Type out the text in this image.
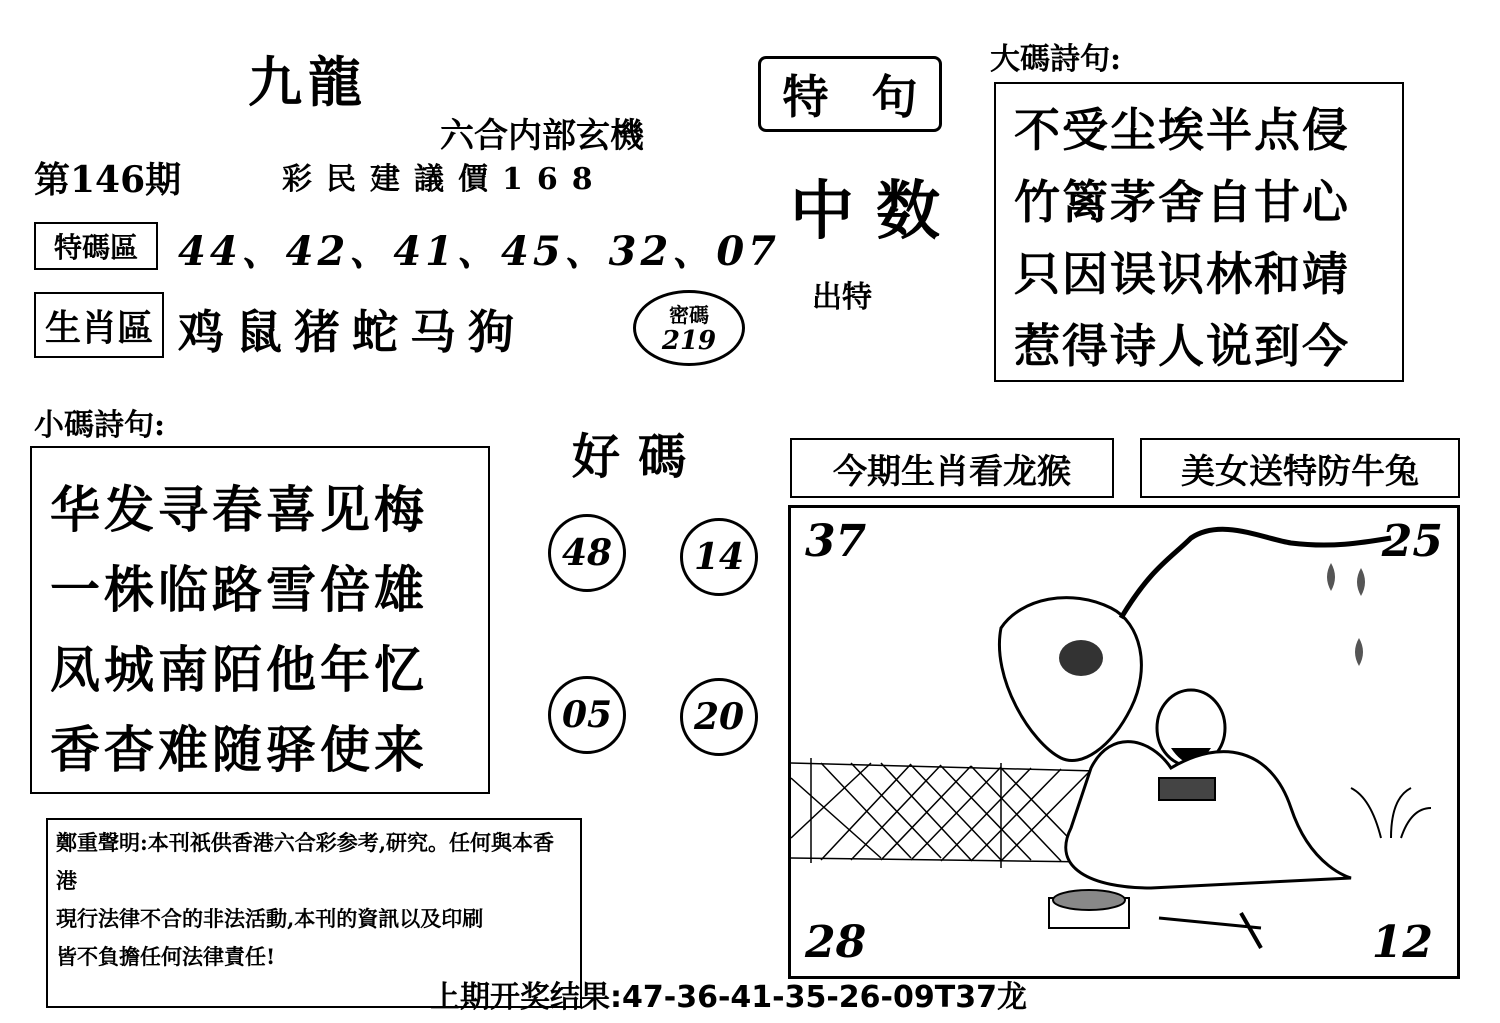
九龍
六合内部玄機
第146期	彩民建議價168
特碼區	44、42、41、45、32、07
生肖區 鸡鼠猪蛇马狗	密碼
219
特 句
中数
出特
大碼詩句:
不受尘埃半点侵
竹篱茅舍自甘心
只因误识林和靖
惹得诗人说到今
小碼詩句:
华发寻春喜见梅
一株临路雪倍雄
凤城南陌他年忆
香杳难随驿使来
好碼
48	14
05	20
今期生肖看龙猴	美女送特防牛兔
37	25
28	12
鄭重聲明:本刊祇供香港六合彩参考,研究。任何與本香港
現行法律不合的非法活動,本刊的資訊以及印刷
皆不負擔任何法律責任!
上期开奖结果:47-36-41-35-26-09T37龙
